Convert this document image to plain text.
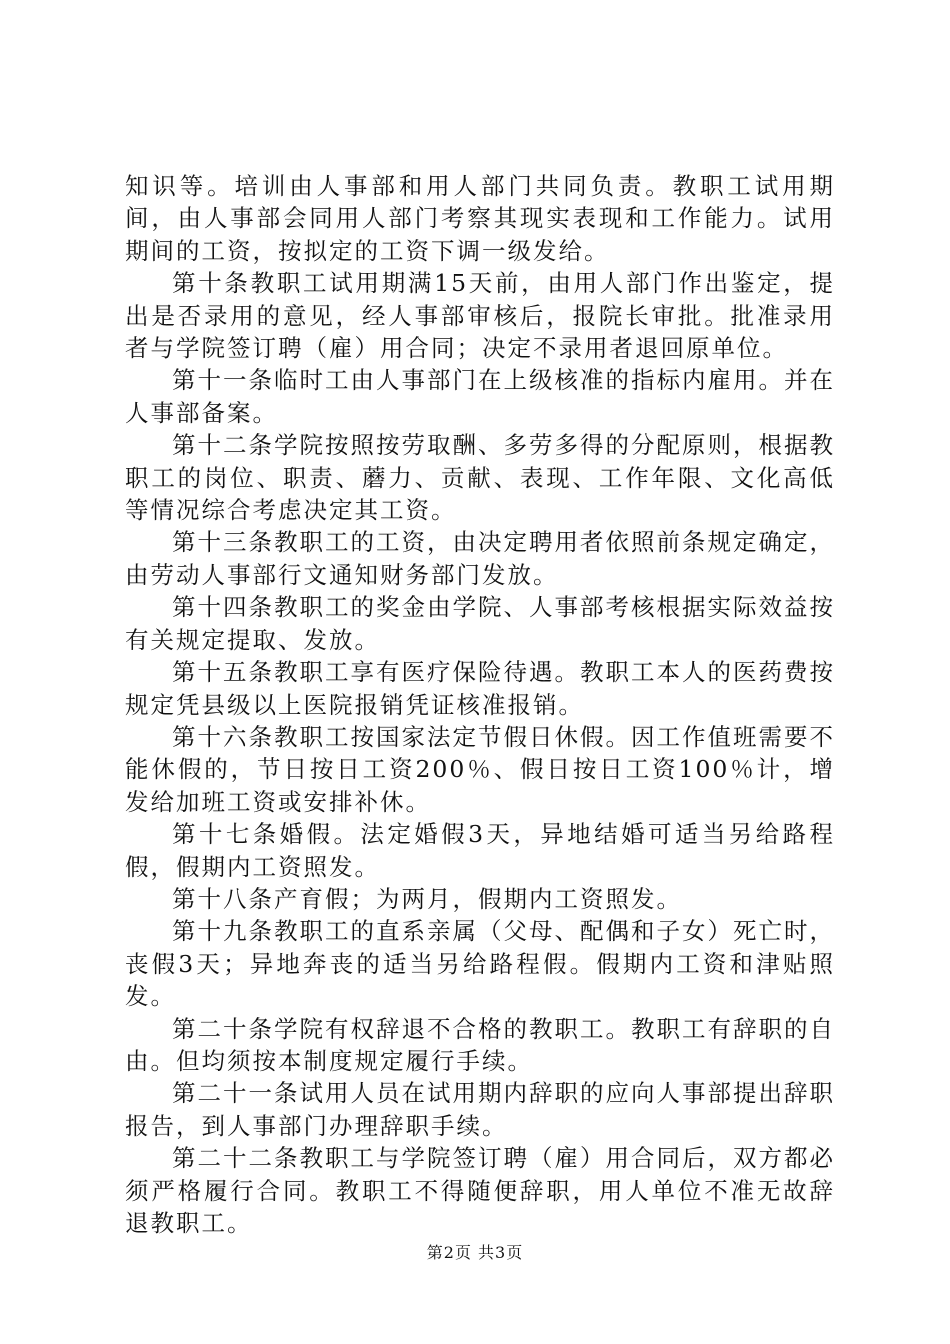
知识等。培训由人事部和用人部门共同负责。教职工试用期间，由人事部会同用人部门考察其现实表现和工作能力。试用期间的工资，按拟定的工资下调一级发给。

第十条教职工试用期满15天前，由用人部门作出鉴定，提出是否录用的意见，经人事部审核后，报院长审批。批准录用者与学院签订聘（雇）用合同；决定不录用者退回原单位。

第十一条临时工由人事部门在上级核准的指标内雇用。并在人事部备案。

第十二条学院按照按劳取酬、多劳多得的分配原则，根据教职工的岗位、职责、蘑力、贡献、表现、工作年限、文化高低等情况综合考虑决定其工资。

第十三条教职工的工资，由决定聘用者依照前条规定确定，由劳动人事部行文通知财务部门发放。

第十四条教职工的奖金由学院、人事部考核根据实际效益按有关规定提取、发放。

第十五条教职工享有医疗保险待遇。教职工本人的医药费按规定凭县级以上医院报销凭证核准报销。

第十六条教职工按国家法定节假日休假。因工作值班需要不能休假的，节日按日工资200％、假日按日工资100％计，增发给加班工资或安排补休。

第十七条婚假。法定婚假3天，异地结婚可适当另给路程假，假期内工资照发。

第十八条产育假；为两月，假期内工资照发。

第十九条教职工的直系亲属（父母、配偶和子女）死亡时，丧假3天；异地奔丧的适当另给路程假。假期内工资和津贴照发。

第二十条学院有权辞退不合格的教职工。教职工有辞职的自由。但均须按本制度规定履行手续。

第二十一条试用人员在试用期内辞职的应向人事部提出辞职报告，到人事部门办理辞职手续。

第二十二条教职工与学院签订聘（雇）用合同后，双方都必须严格履行合同。教职工不得随便辞职，用人单位不准无故辞退教职工。

第2页 共3页
